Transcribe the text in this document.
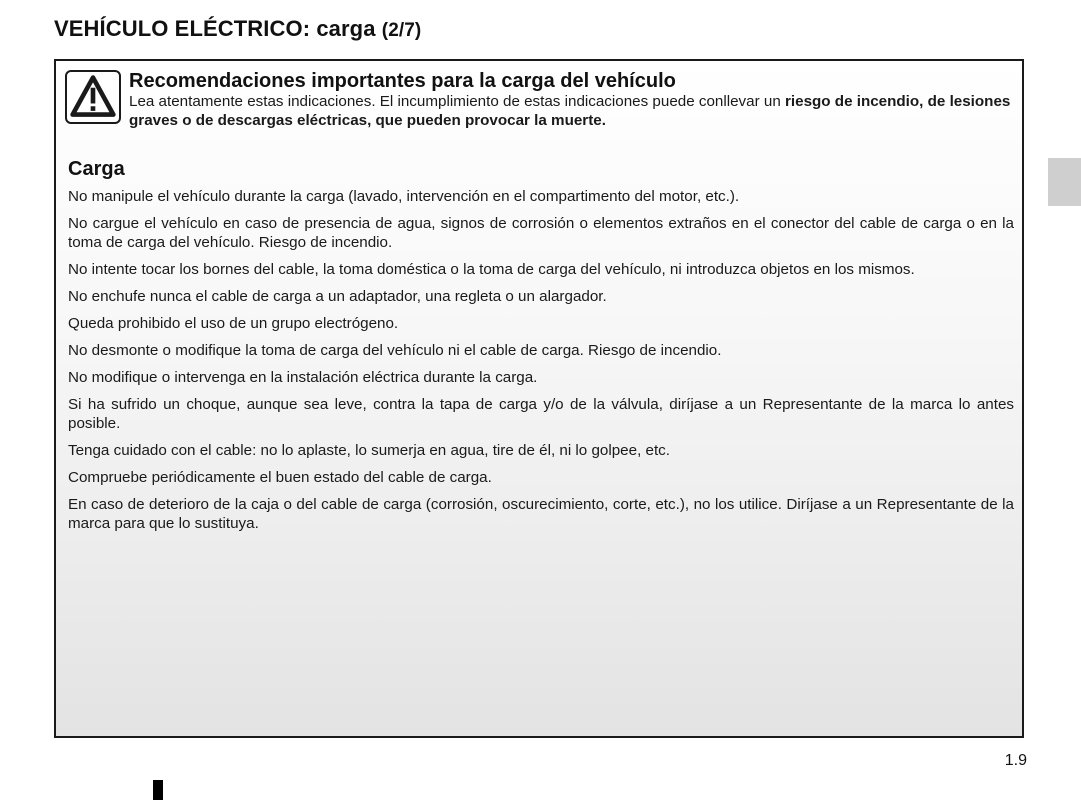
VEHÍCULO ELÉCTRICO: carga (2/7)
Recomendaciones importantes para la carga del vehículo
Lea atentamente estas indicaciones. El incumplimiento de estas indicaciones puede conllevar un riesgo de incendio, de lesiones graves o de descargas eléctricas, que pueden provocar la muerte.
Carga

No manipule el vehículo durante la carga (lavado, intervención en el compartimento del motor, etc.).

No cargue el vehículo en caso de presencia de agua, signos de corrosión o elementos extraños en el conector del cable de carga o en la toma de carga del vehículo. Riesgo de incendio.

No intente tocar los bornes del cable, la toma doméstica o la toma de carga del vehículo, ni introduzca objetos en los mismos.

No enchufe nunca el cable de carga a un adaptador, una regleta o un alargador.

Queda prohibido el uso de un grupo electrógeno.

No desmonte o modifique la toma de carga del vehículo ni el cable de carga. Riesgo de incendio.

No modifique o intervenga en la instalación eléctrica durante la carga.

Si ha sufrido un choque, aunque sea leve, contra la tapa de carga y/o de la válvula, diríjase a un Representante de la marca lo antes posible.

Tenga cuidado con el cable: no lo aplaste, lo sumerja en agua, tire de él, ni lo golpee, etc.

Compruebe periódicamente el buen estado del cable de carga.

En caso de deterioro de la caja o del cable de carga (corrosión, oscurecimiento, corte, etc.), no los utilice. Diríjase a un Representante de la marca para que lo sustituya.

1.9
